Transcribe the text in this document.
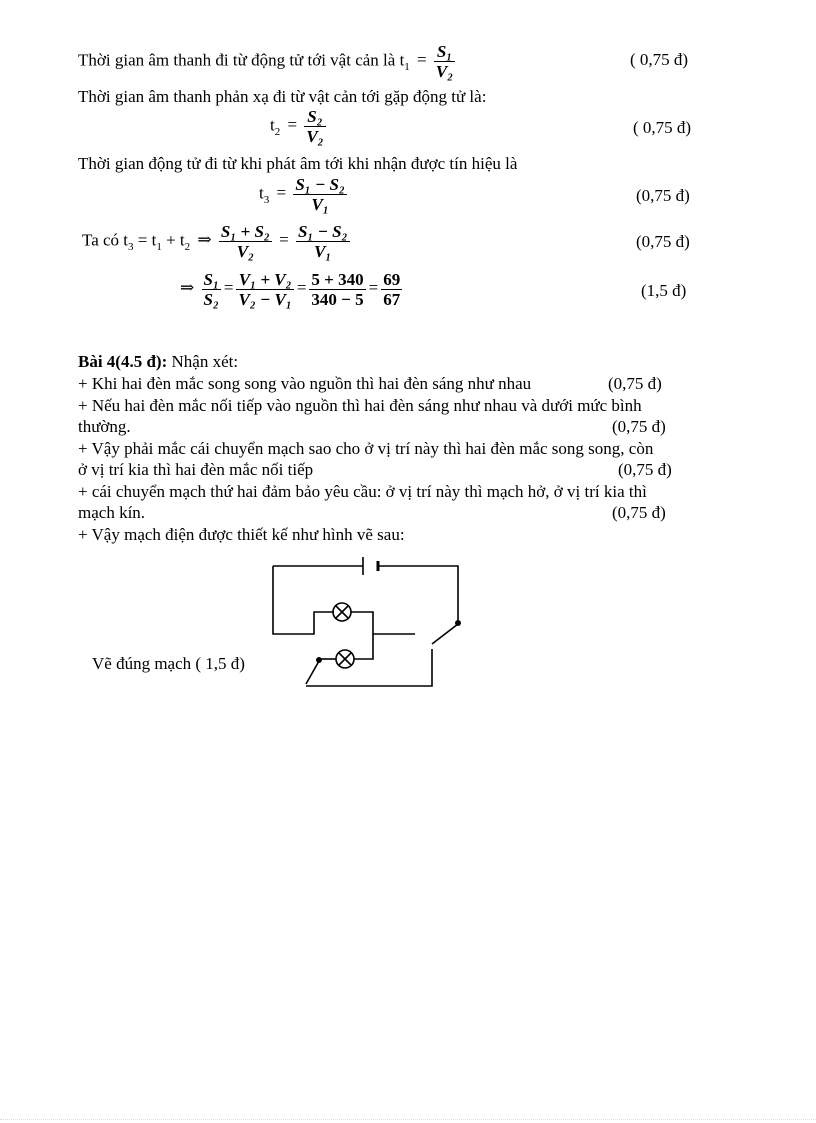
Thời gian âm thanh đi từ động tử tới vật cản là $t_1 = \frac{\text{S₁}}{\text{V₂}}$	( 0,75 đ)
Thời gian âm thanh phản xạ đi từ vật cản tới gặp động tử là:
$t_2 = \frac{\text{S₂}}{\text{V₂}}$	( 0,75 đ)
Thời gian động tử đi từ khi phát âm tới khi nhận được tín hiệu là
$t_3 = \frac{\text{S₁ − S₂}}{\text{V₁}}$	(0,75 đ)
Ta có $t_3 = t_1 + t_2$ ⇒ $\frac{\text{S₁ + S₂}}{\text{V₂}} = \frac{\text{S₁ − S₂}}{\text{V₁}}$	(0,75 đ)
⇒ $\frac{\text{S₁}}{\text{S₂}} = \frac{\text{V₁ + V₂}}{\text{V₂ − V₁}} = \frac{5 + 340}{340 - 5} = \frac{69}{67}$	(1,5 đ)
Bài 4(4.5 đ): Nhận xét:
+ Khi hai đèn mắc song song vào nguồn thì hai đèn sáng như nhau	(0,75 đ)
+ Nếu hai đèn mắc nối tiếp vào nguồn thì hai đèn sáng như nhau và dưới mức bình
thường.	(0,75 đ)
+ Vậy phải mắc cái chuyển mạch sao cho ở vị trí này thì hai đèn mắc song song, còn
ở vị trí kia thì hai đèn mắc nối tiếp	(0,75 đ)
+ cái chuyển mạch thứ hai đảm bảo yêu cầu: ở vị trí này thì mạch hở, ở vị trí kia thì
mạch kín.	(0,75 đ)
+ Vậy mạch điện được thiết kế như hình vẽ sau:
Vẽ đúng mạch ( 1,5 đ)
